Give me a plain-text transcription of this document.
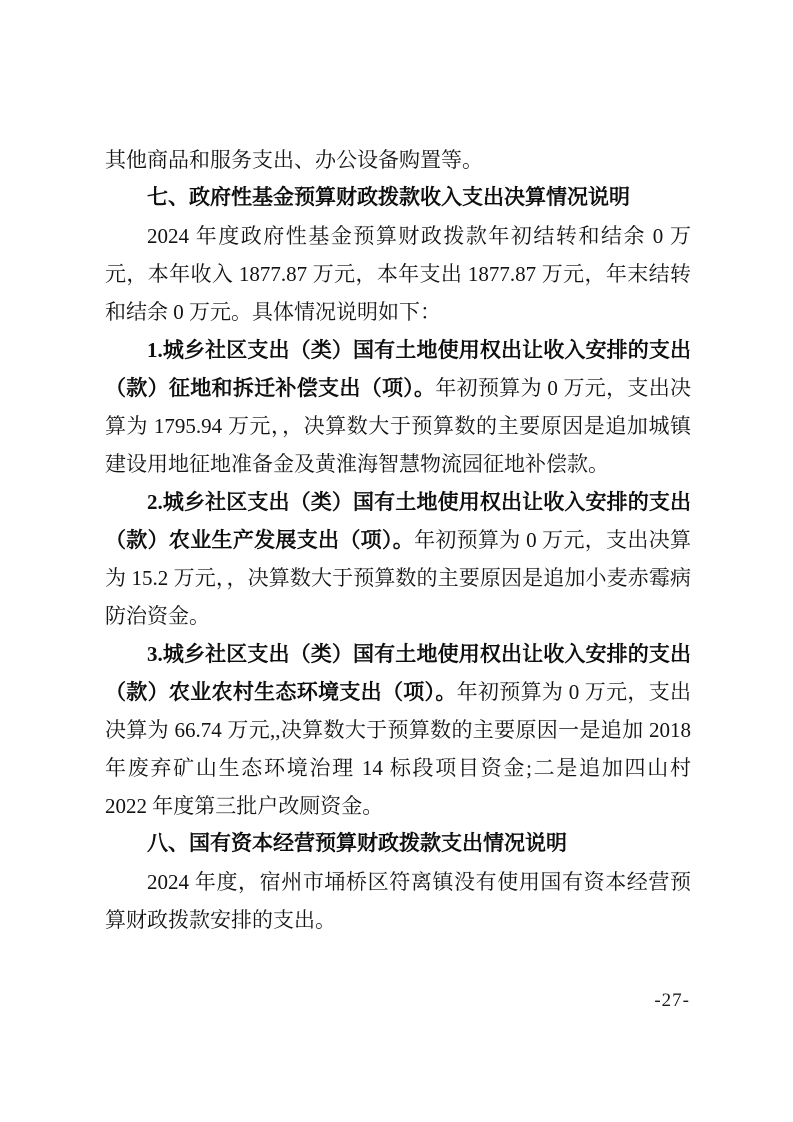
其他商品和服务支出、办公设备购置等。

七、政府性基金预算财政拨款收入支出决算情况说明

2024 年度政府性基金预算财政拨款年初结转和结余 0 万元，本年收入 1877.87 万元，本年支出 1877.87 万元，年末结转和结余 0 万元。具体情况说明如下：

1.城乡社区支出（类）国有土地使用权出让收入安排的支出（款）征地和拆迁补偿支出（项）。年初预算为 0 万元，支出决算为 1795.94 万元，，决算数大于预算数的主要原因是追加城镇建设用地征地准备金及黄淮海智慧物流园征地补偿款。

2.城乡社区支出（类）国有土地使用权出让收入安排的支出（款）农业生产发展支出（项）。年初预算为 0 万元，支出决算为 15.2 万元，，决算数大于预算数的主要原因是追加小麦赤霉病防治资金。

3.城乡社区支出（类）国有土地使用权出让收入安排的支出（款）农业农村生态环境支出（项）。年初预算为 0 万元，支出决算为 66.74 万元,,决算数大于预算数的主要原因一是追加 2018 年废弃矿山生态环境治理 14 标段项目资金;二是追加四山村 2022 年度第三批户改厕资金。

八、国有资本经营预算财政拨款支出情况说明

2024 年度，宿州市埇桥区符离镇没有使用国有资本经营预算财政拨款安排的支出。

-27-
